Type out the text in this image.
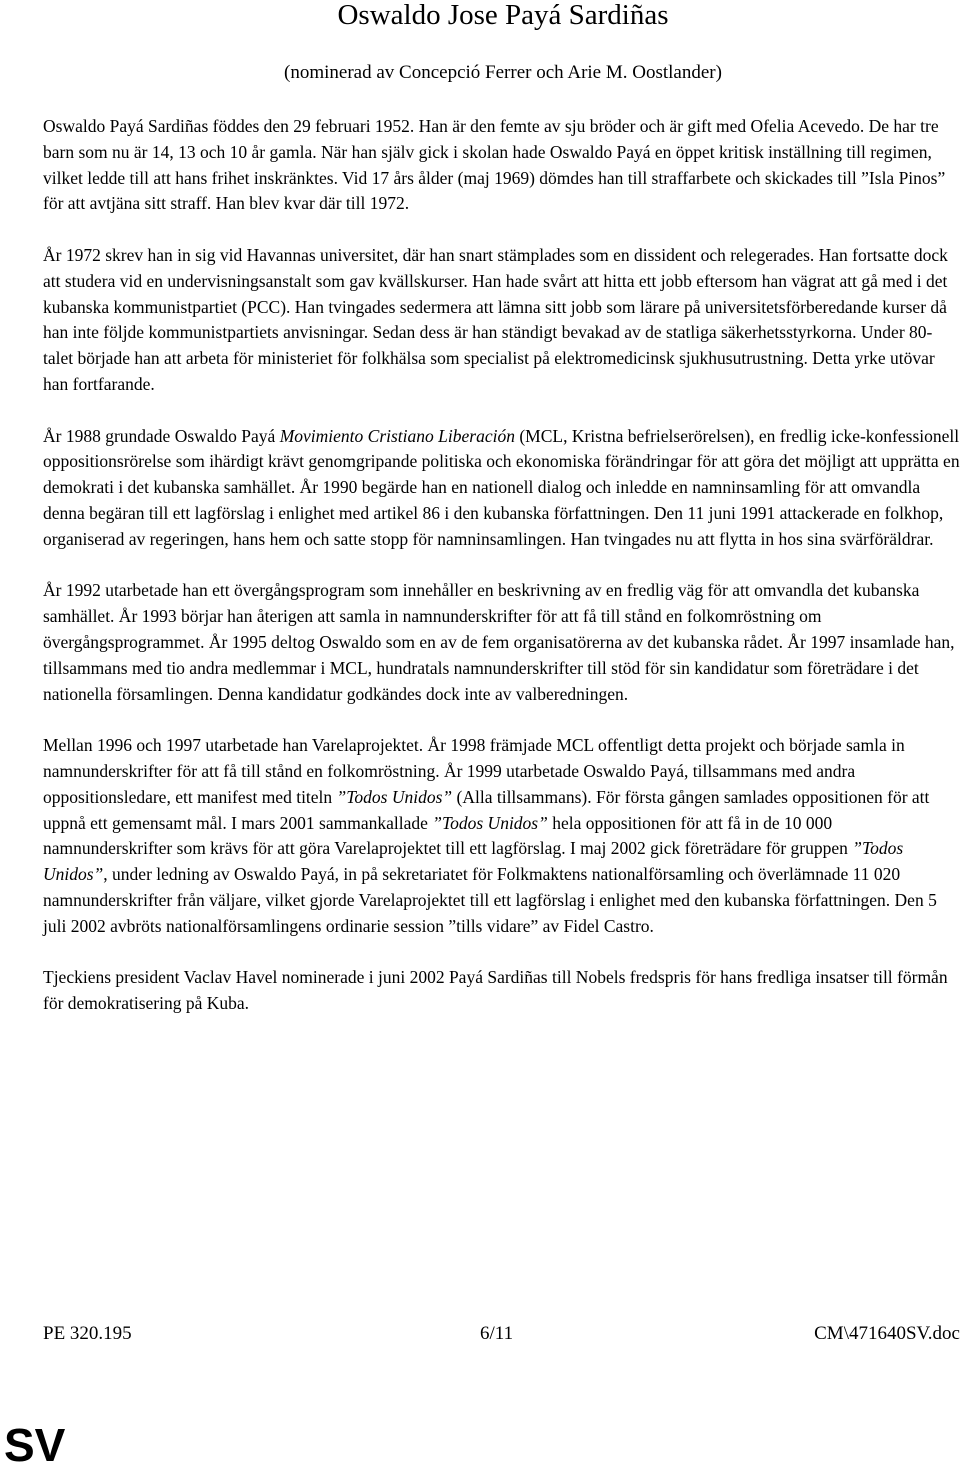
Oswaldo Jose Payá Sardiñas
(nominerad av Concepció Ferrer och Arie M. Oostlander)

Oswaldo Payá Sardiñas föddes den 29 februari 1952. Han är den femte av sju bröder och är gift med Ofelia Acevedo. De har tre barn som nu är 14, 13 och 10 år gamla. När han själv gick i skolan hade Oswaldo Payá en öppet kritisk inställning till regimen, vilket ledde till att hans frihet inskränktes. Vid 17 års ålder (maj 1969) dömdes han till straffarbete och skickades till ”Isla Pinos” för att avtjäna sitt straff. Han blev kvar där till 1972.

År 1972 skrev han in sig vid Havannas universitet, där han snart stämplades som en dissident och relegerades. Han fortsatte dock att studera vid en undervisningsanstalt som gav kvällskurser. Han hade svårt att hitta ett jobb eftersom han vägrat att gå med i det kubanska kommunistpartiet (PCC). Han tvingades sedermera att lämna sitt jobb som lärare på universitetsförberedande kurser då han inte följde kommunistpartiets anvisningar. Sedan dess är han ständigt bevakad av de statliga säkerhetsstyrkorna. Under 80-talet började han att arbeta för ministeriet för folkhälsa som specialist på elektromedicinsk sjukhusutrustning. Detta yrke utövar han fortfarande.

År 1988 grundade Oswaldo Payá Movimiento Cristiano Liberación (MCL, Kristna befrielserörelsen), en fredlig icke-konfessionell oppositionsrörelse som ihärdigt krävt genomgripande politiska och ekonomiska förändringar för att göra det möjligt att upprätta en demokrati i det kubanska samhället. År 1990 begärde han en nationell dialog och inledde en namninsamling för att omvandla denna begäran till ett lagförslag i enlighet med artikel 86 i den kubanska författningen. Den 11 juni 1991 attackerade en folkhop, organiserad av regeringen, hans hem och satte stopp för namninsamlingen. Han tvingades nu att flytta in hos sina svärföräldrar.

År 1992 utarbetade han ett övergångsprogram som innehåller en beskrivning av en fredlig väg för att omvandla det kubanska samhället. År 1993 börjar han återigen att samla in namnunderskrifter för att få till stånd en folkomröstning om övergångsprogrammet. År 1995 deltog Oswaldo som en av de fem organisatörerna av det kubanska rådet. År 1997 insamlade han, tillsammans med tio andra medlemmar i MCL, hundratals namnunderskrifter till stöd för sin kandidatur som företrädare i det nationella församlingen. Denna kandidatur godkändes dock inte av valberedningen.

Mellan 1996 och 1997 utarbetade han Varelaprojektet. År 1998 främjade MCL offentligt detta projekt och började samla in namnunderskrifter för att få till stånd en folkomröstning. År 1999 utarbetade Oswaldo Payá, tillsammans med andra oppositionsledare, ett manifest med titeln ”Todos Unidos” (Alla tillsammans). För första gången samlades oppositionen för att uppnå ett gemensamt mål. I mars 2001 sammankallade ”Todos Unidos” hela oppositionen för att få in de 10 000 namnunderskrifter som krävs för att göra Varelaprojektet till ett lagförslag. I maj 2002 gick företrädare för gruppen ”Todos Unidos”, under ledning av Oswaldo Payá, in på sekretariatet för Folkmaktens nationalförsamling och överlämnade 11 020 namnunderskrifter från väljare, vilket gjorde Varelaprojektet till ett lagförslag i enlighet med den kubanska författningen. Den 5 juli 2002 avbröts nationalförsamlingens ordinarie session ”tills vidare” av Fidel Castro.

Tjeckiens president Vaclav Havel nominerade i juni 2002 Payá Sardiñas till Nobels fredspris för hans fredliga insatser till förmån för demokratisering på Kuba.

PE 320.195	6/11	CM\471640SV.doc
SV
